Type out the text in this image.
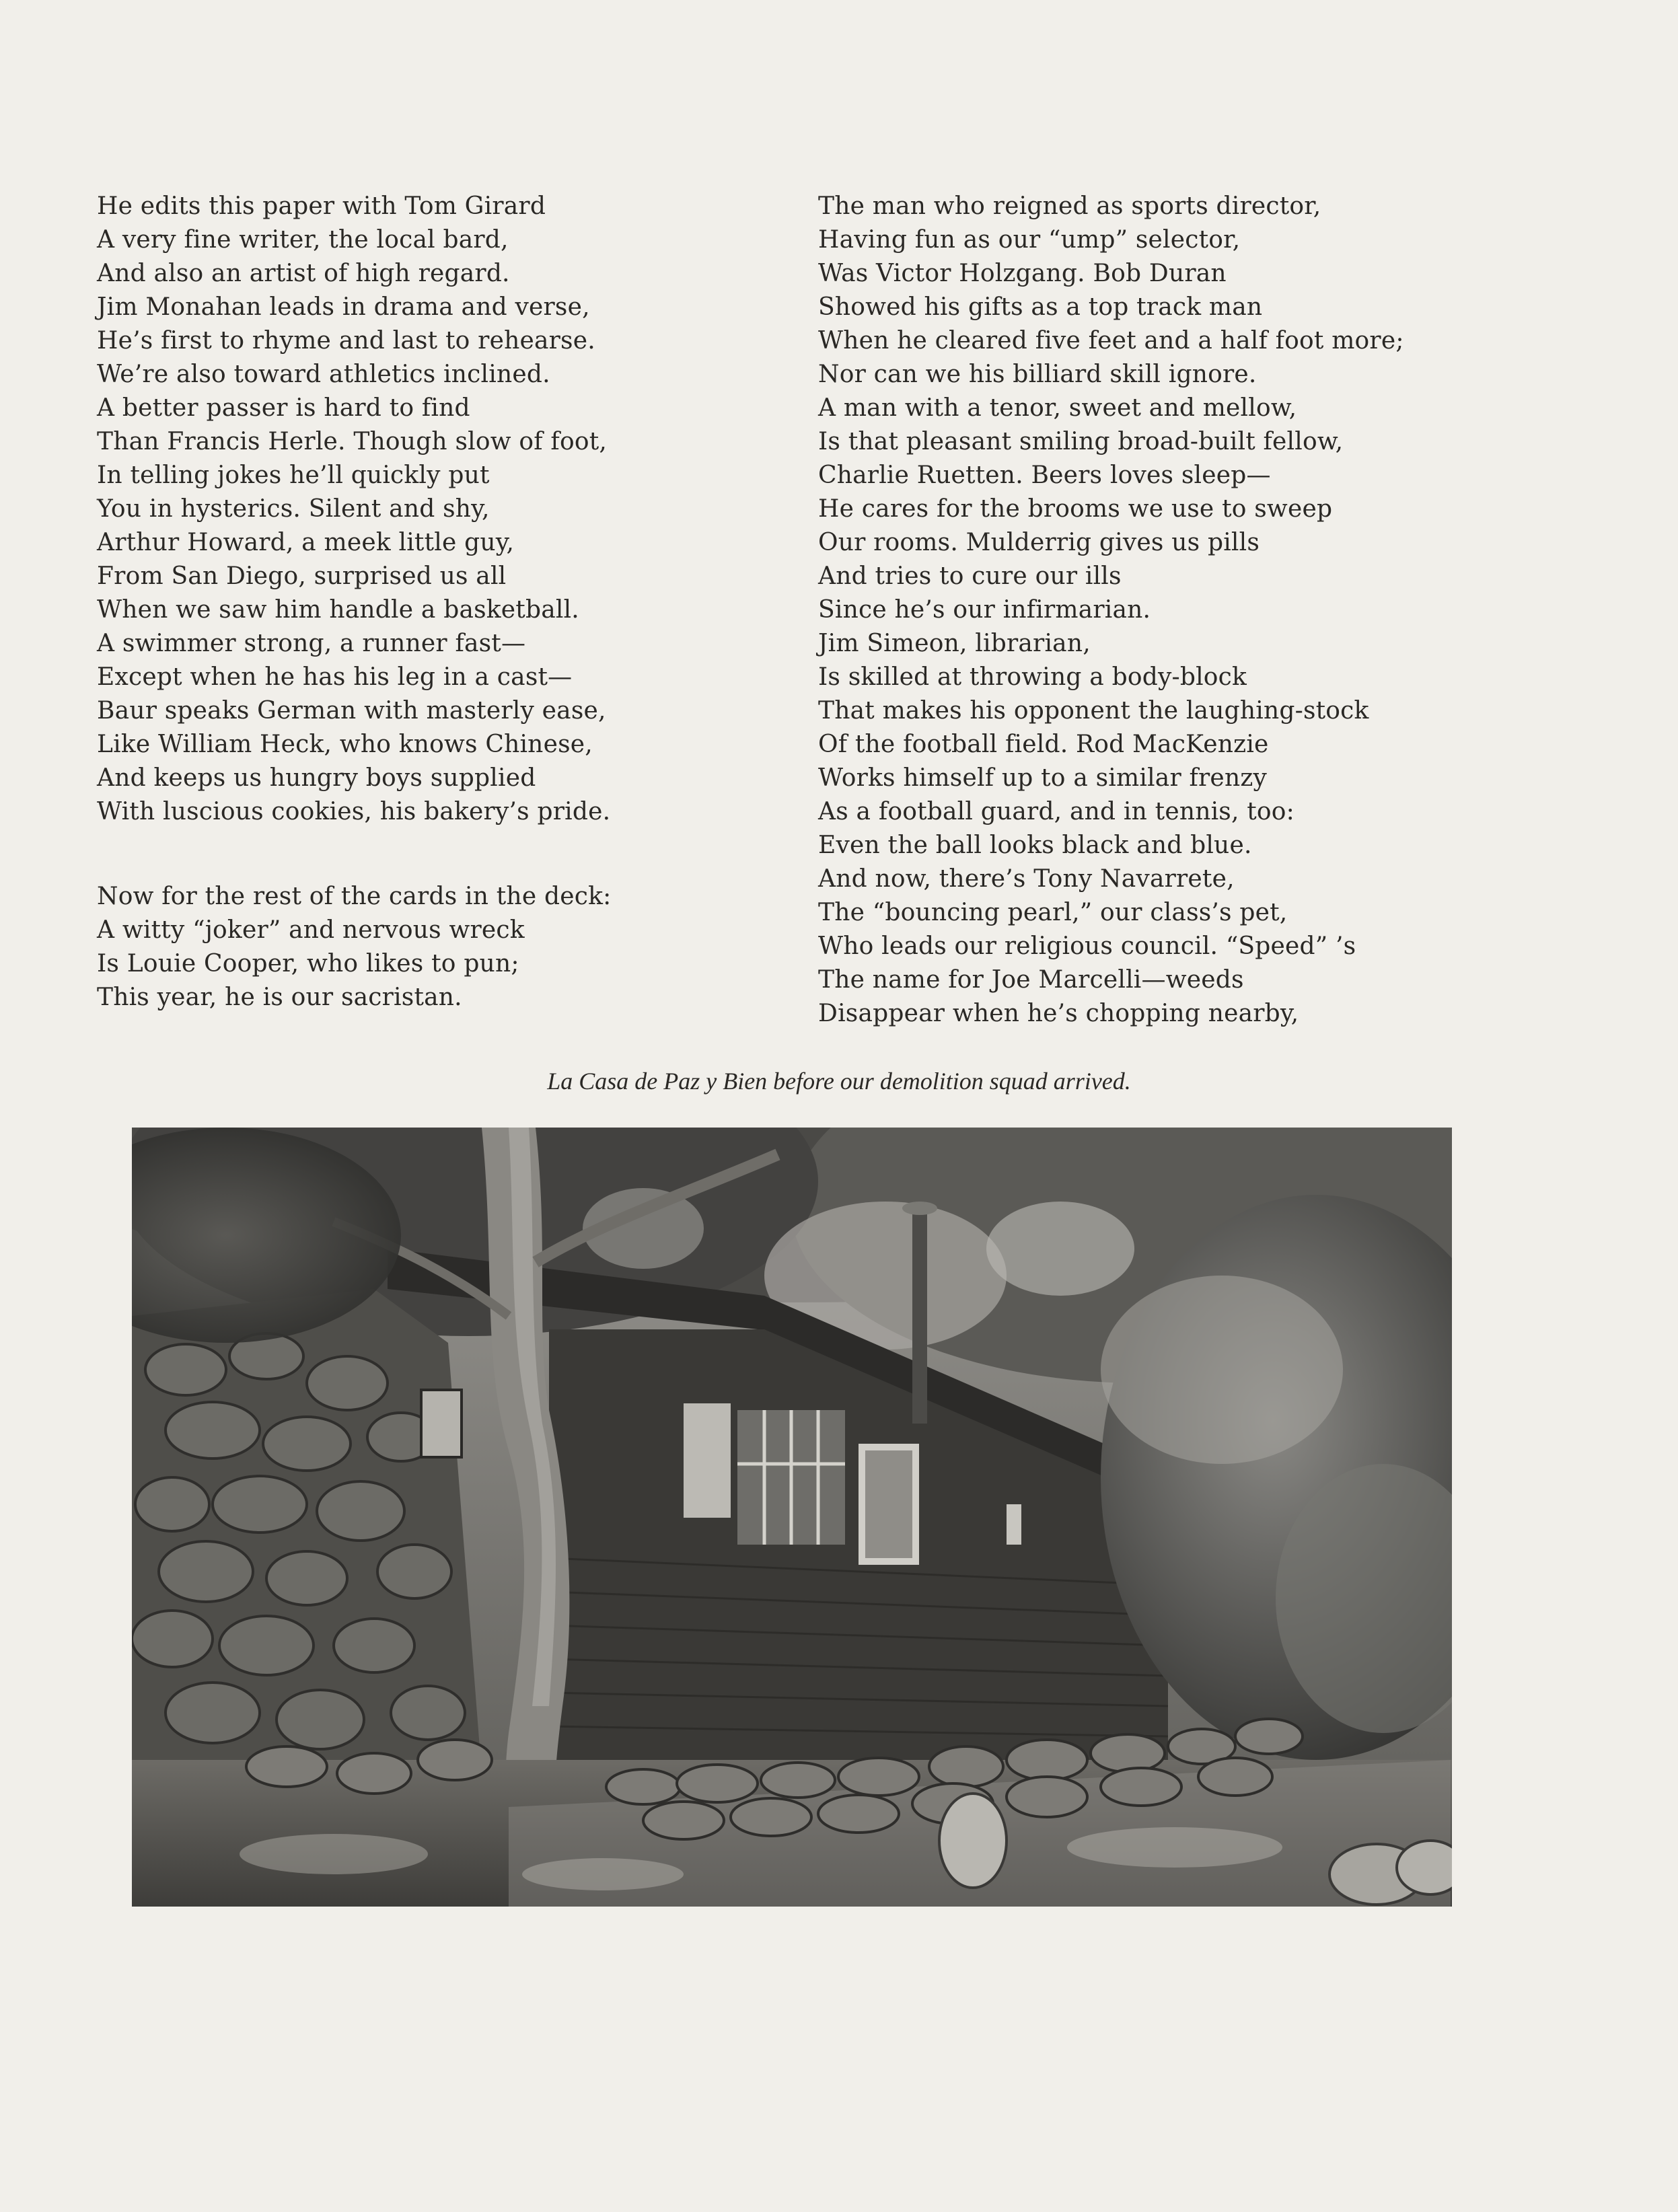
He edits this paper with Tom Girard
A very fine writer, the local bard,
And also an artist of high regard.
Jim Monahan leads in drama and verse,
He’s first to rhyme and last to rehearse.
We’re also toward athletics inclined.
A better passer is hard to find
Than Francis Herle. Though slow of foot,
In telling jokes he’ll quickly put
You in hysterics. Silent and shy,
Arthur Howard, a meek little guy,
From San Diego, surprised us all
When we saw him handle a basketball.
A swimmer strong, a runner fast—
Except when he has his leg in a cast—
Baur speaks German with masterly ease,
Like William Heck, who knows Chinese,
And keeps us hungry boys supplied
With luscious cookies, his bakery’s pride.
Now for the rest of the cards in the deck:
A witty “joker” and nervous wreck
Is Louie Cooper, who likes to pun;
This year, he is our sacristan.
The man who reigned as sports director,
Having fun as our “ump” selector,
Was Victor Holzgang. Bob Duran
Showed his gifts as a top track man
When he cleared five feet and a half foot more;
Nor can we his billiard skill ignore.
A man with a tenor, sweet and mellow,
Is that pleasant smiling broad-built fellow,
Charlie Ruetten. Beers loves sleep—
He cares for the brooms we use to sweep
Our rooms. Mulderrig gives us pills
And tries to cure our ills
Since he’s our infirmarian.
Jim Simeon, librarian,
Is skilled at throwing a body-block
That makes his opponent the laughing-stock
Of the football field. Rod MacKenzie
Works himself up to a similar frenzy
As a football guard, and in tennis, too:
Even the ball looks black and blue.
And now, there’s Tony Navarrete,
The “bouncing pearl,” our class’s pet,
Who leads our religious council. “Speed” ’s
The name for Joe Marcelli—weeds
Disappear when he’s chopping nearby,
La Casa de Paz y Bien before our demolition squad arrived.
